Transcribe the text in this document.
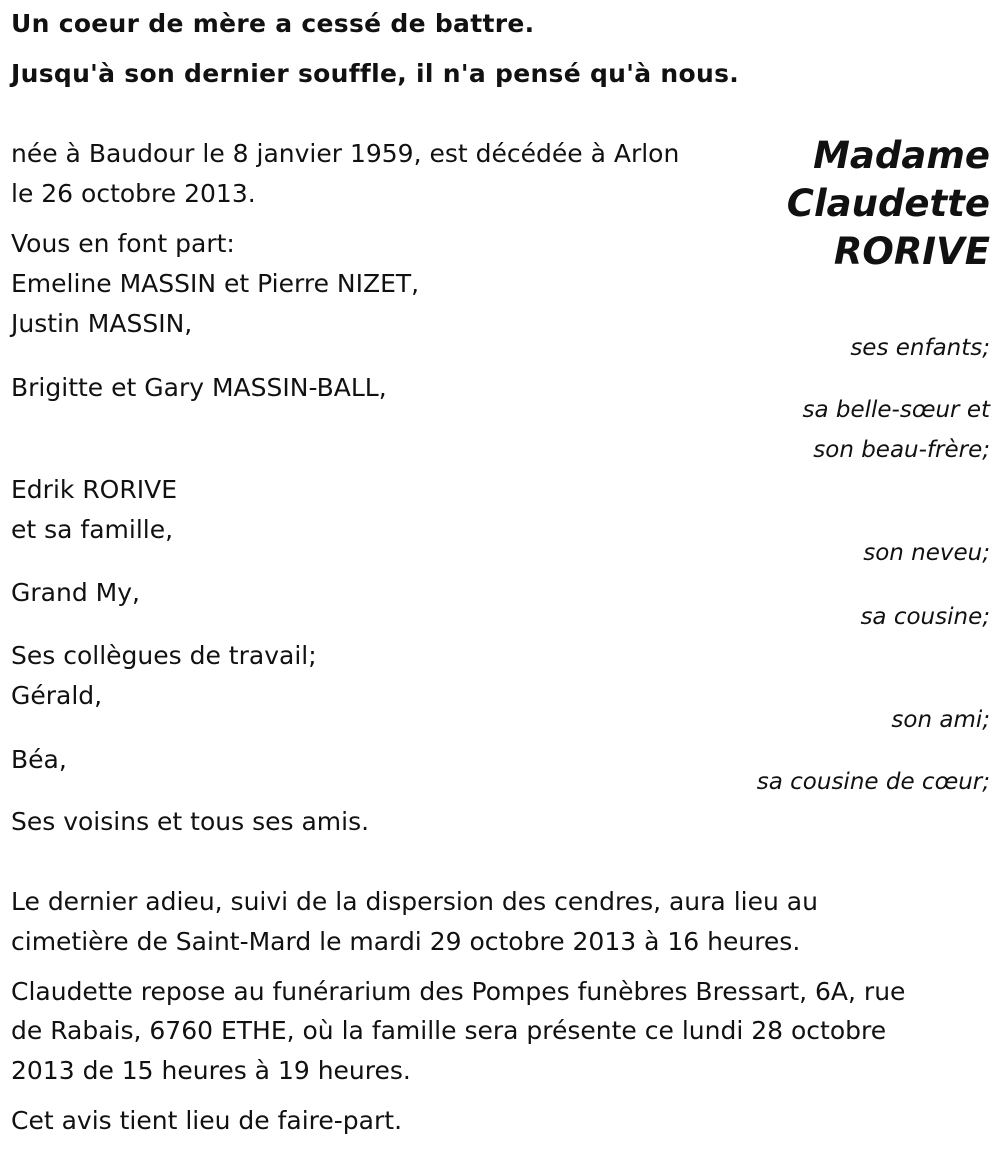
Un coeur de mère a cessé de battre.
Jusqu'à son dernier souffle, il n'a pensé qu'à nous.
Madame
Claudette
RORIVE
née à Baudour le 8 janvier 1959, est décédée à Arlon
le 26 octobre 2013.
Vous en font part:
Emeline MASSIN et Pierre NIZET,
Justin MASSIN,
Brigitte et Gary MASSIN-BALL,
Edrik RORIVE
et sa famille,
Grand My,
Ses collègues de travail;
Gérald,
Béa,
Ses voisins et tous ses amis.
ses enfants;
sa belle-sœur et
son beau-frère;
son neveu;
sa cousine;
son ami;
sa cousine de cœur;
Le dernier adieu, suivi de la dispersion des cendres, aura lieu au
cimetière de Saint-Mard le mardi 29 octobre 2013 à 16 heures.
Claudette repose au funérarium des Pompes funèbres Bressart, 6A, rue
de Rabais, 6760 ETHE, où la famille sera présente ce lundi 28 octobre
2013 de 15 heures à 19 heures.
Cet avis tient lieu de faire-part.
